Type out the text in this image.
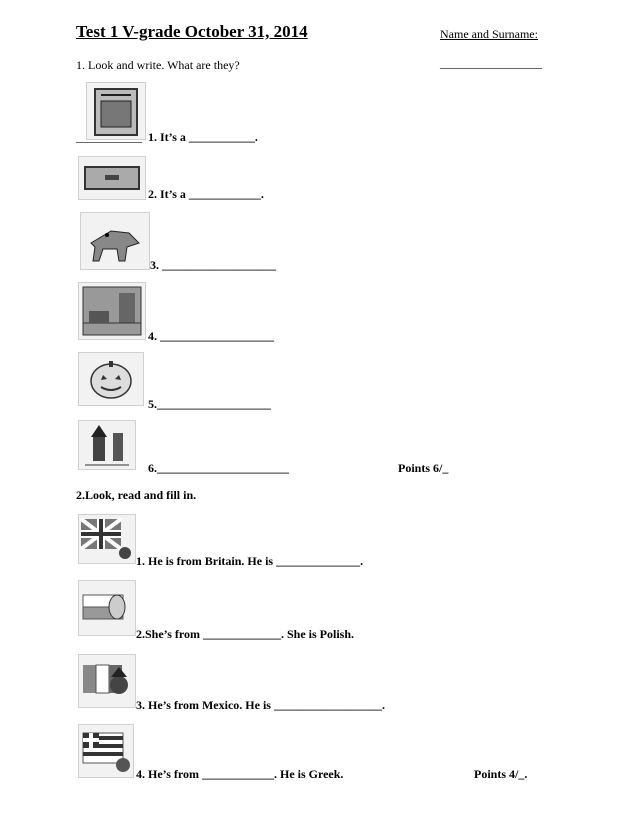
Test 1 V-grade October 31, 2014	Name and Surname:
_________________
1. Look and write. What are they?
___________ 1. It’s a ___________.
2. It’s a ____________.
3. ___________________
4. ___________________
5.___________________
6.______________________	Points 6/_
2.Look, read and fill in.
1. He is from Britain. He is ______________.
2.She’s from _____________. She is Polish.
3. He’s from Mexico. He is __________________.
4. He’s from ____________. He is Greek.	Points 4/_.
